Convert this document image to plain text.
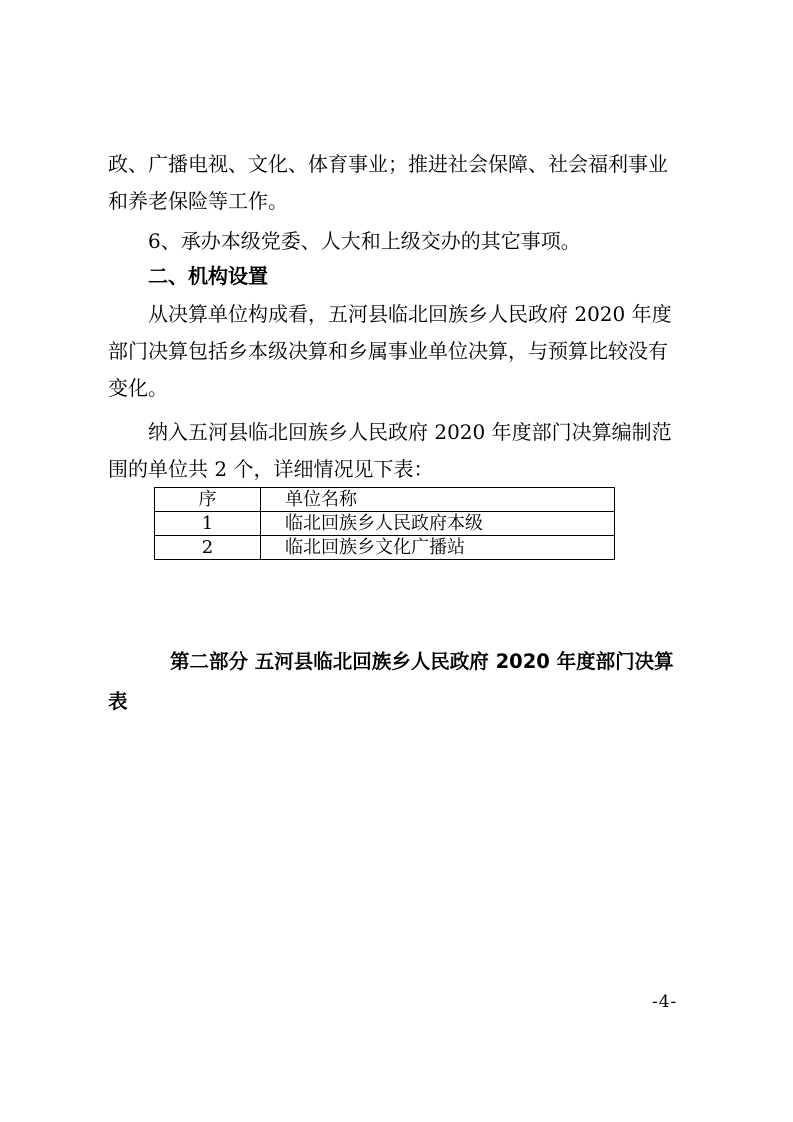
政、广播电视、文化、体育事业；推进社会保障、社会福利事业
和养老保险等工作。
6、承办本级党委、人大和上级交办的其它事项。
二、机构设置
从决算单位构成看，五河县临北回族乡人民政府 2020 年度
部门决算包括乡本级决算和乡属事业单位决算，与预算比较没有
变化。
纳入五河县临北回族乡人民政府 2020 年度部门决算编制范
围的单位共 2 个，详细情况见下表：
序	单位名称
1	临北回族乡人民政府本级
2	临北回族乡文化广播站
第二部分 五河县临北回族乡人民政府 2020 年度部门决算
表
-4-
